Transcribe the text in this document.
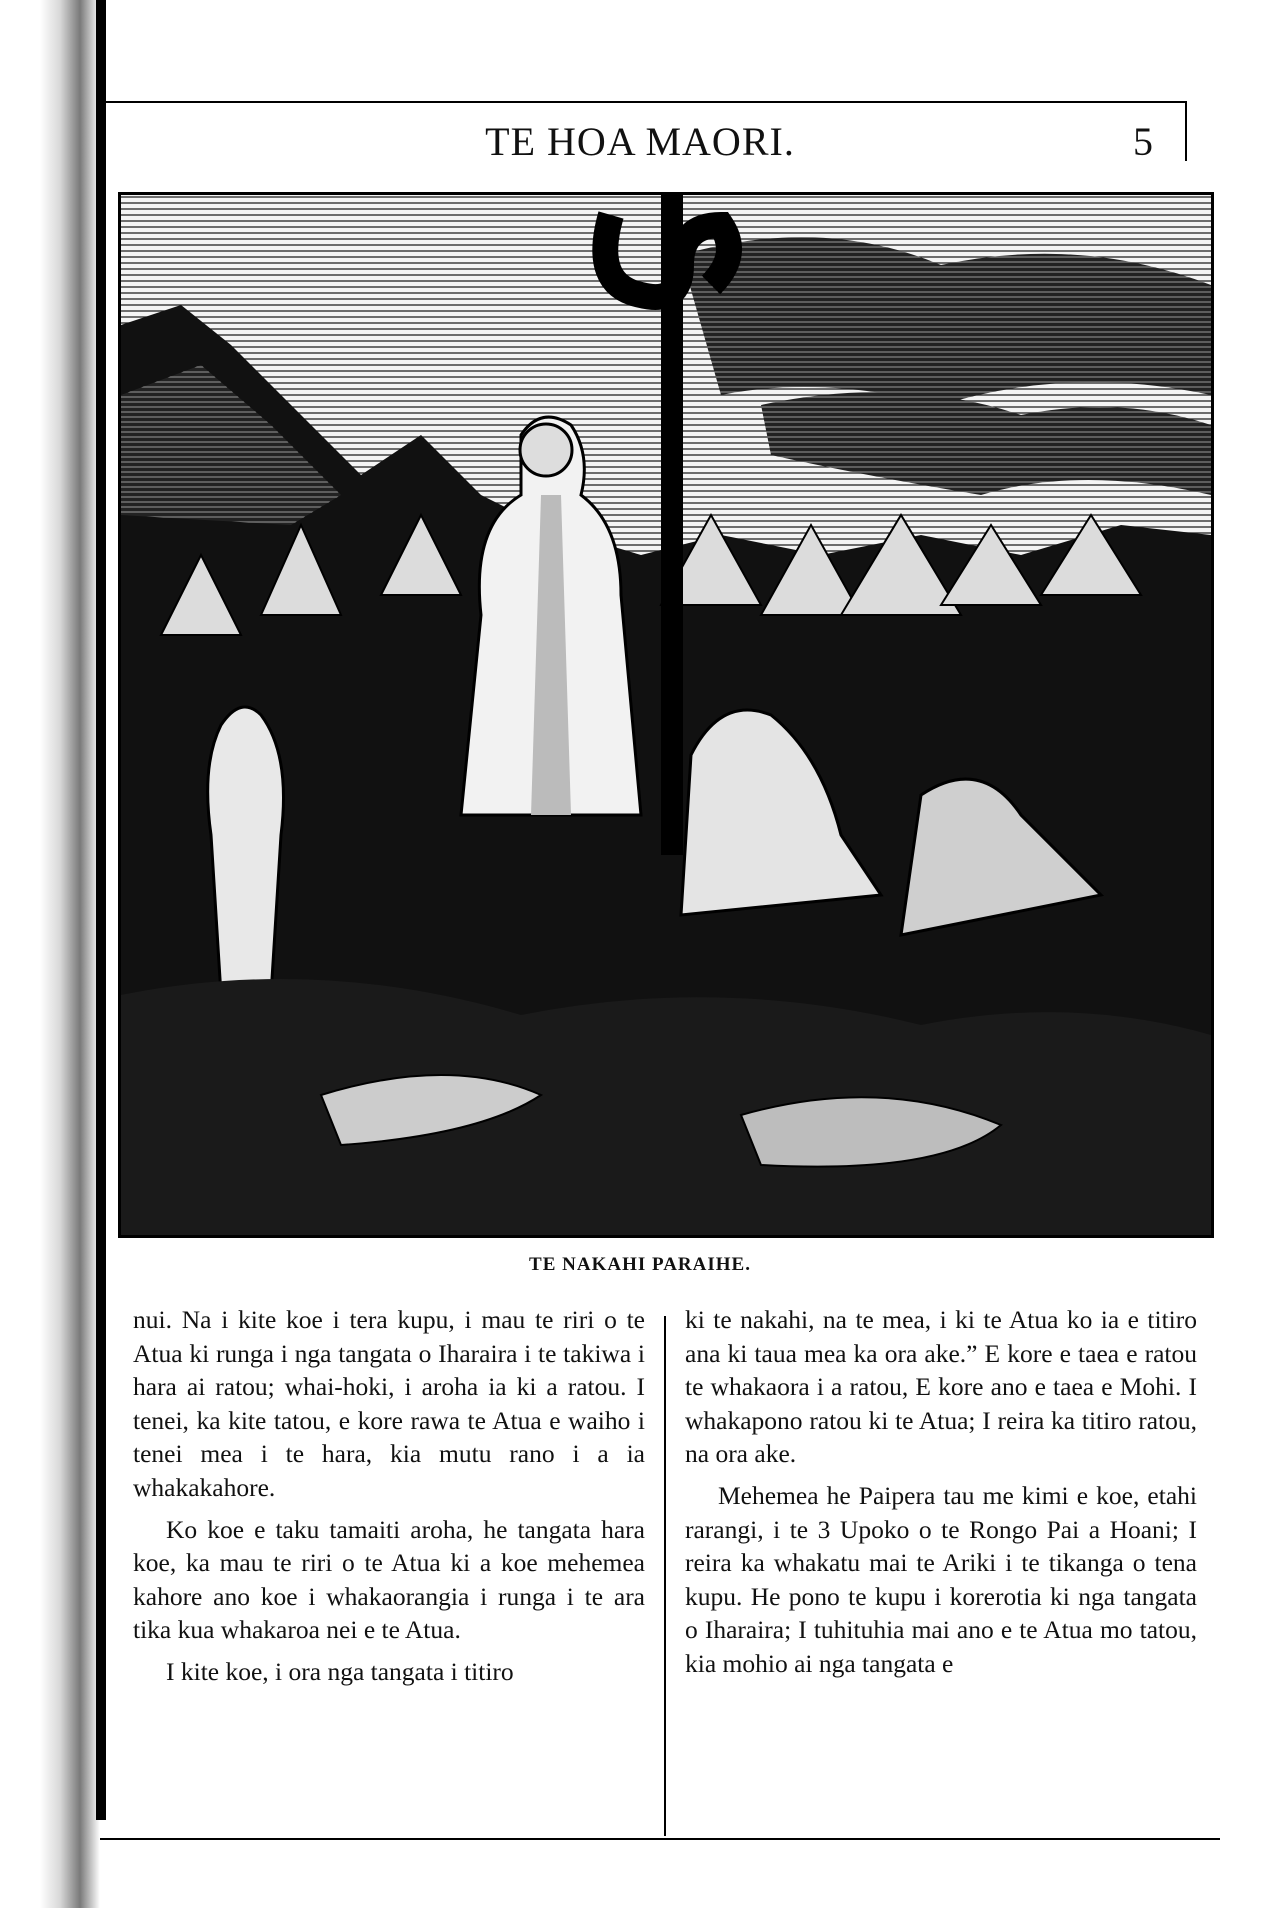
TE HOA MAORI.	5
TE NAKAHI PARAIHE.

nui. Na i kite koe i tera kupu, i mau te riri o te Atua ki runga i nga tangata o Iharaira i te takiwa i hara ai ratou; whai-hoki, i aroha ia ki a ratou. I tenei, ka kite tatou, e kore rawa te Atua e waiho i tenei mea i te hara, kia mutu rano i a ia whakakahore.

Ko koe e taku tamaiti aroha, he tangata hara koe, ka mau te riri o te Atua ki a koe mehemea kahore ano koe i whakaorangia i runga i te ara tika kua whakaroa nei e te Atua.

I kite koe, i ora nga tangata i titiro

ki te nakahi, na te mea, i ki te Atua ko ia e titiro ana ki taua mea ka ora ake.” E kore e taea e ratou te whakaora i a ratou, E kore ano e taea e Mohi. I whakapono ratou ki te Atua; I reira ka titiro ratou, na ora ake.

Mehemea he Paipera tau me kimi e koe, etahi rarangi, i te 3 Upoko o te Rongo Pai a Hoani; I reira ka whakatu mai te Ariki i te tikanga o tena kupu. He pono te kupu i korerotia ki nga tangata o Iharaira; I tuhituhia mai ano e te Atua mo tatou, kia mohio ai nga tangata e
